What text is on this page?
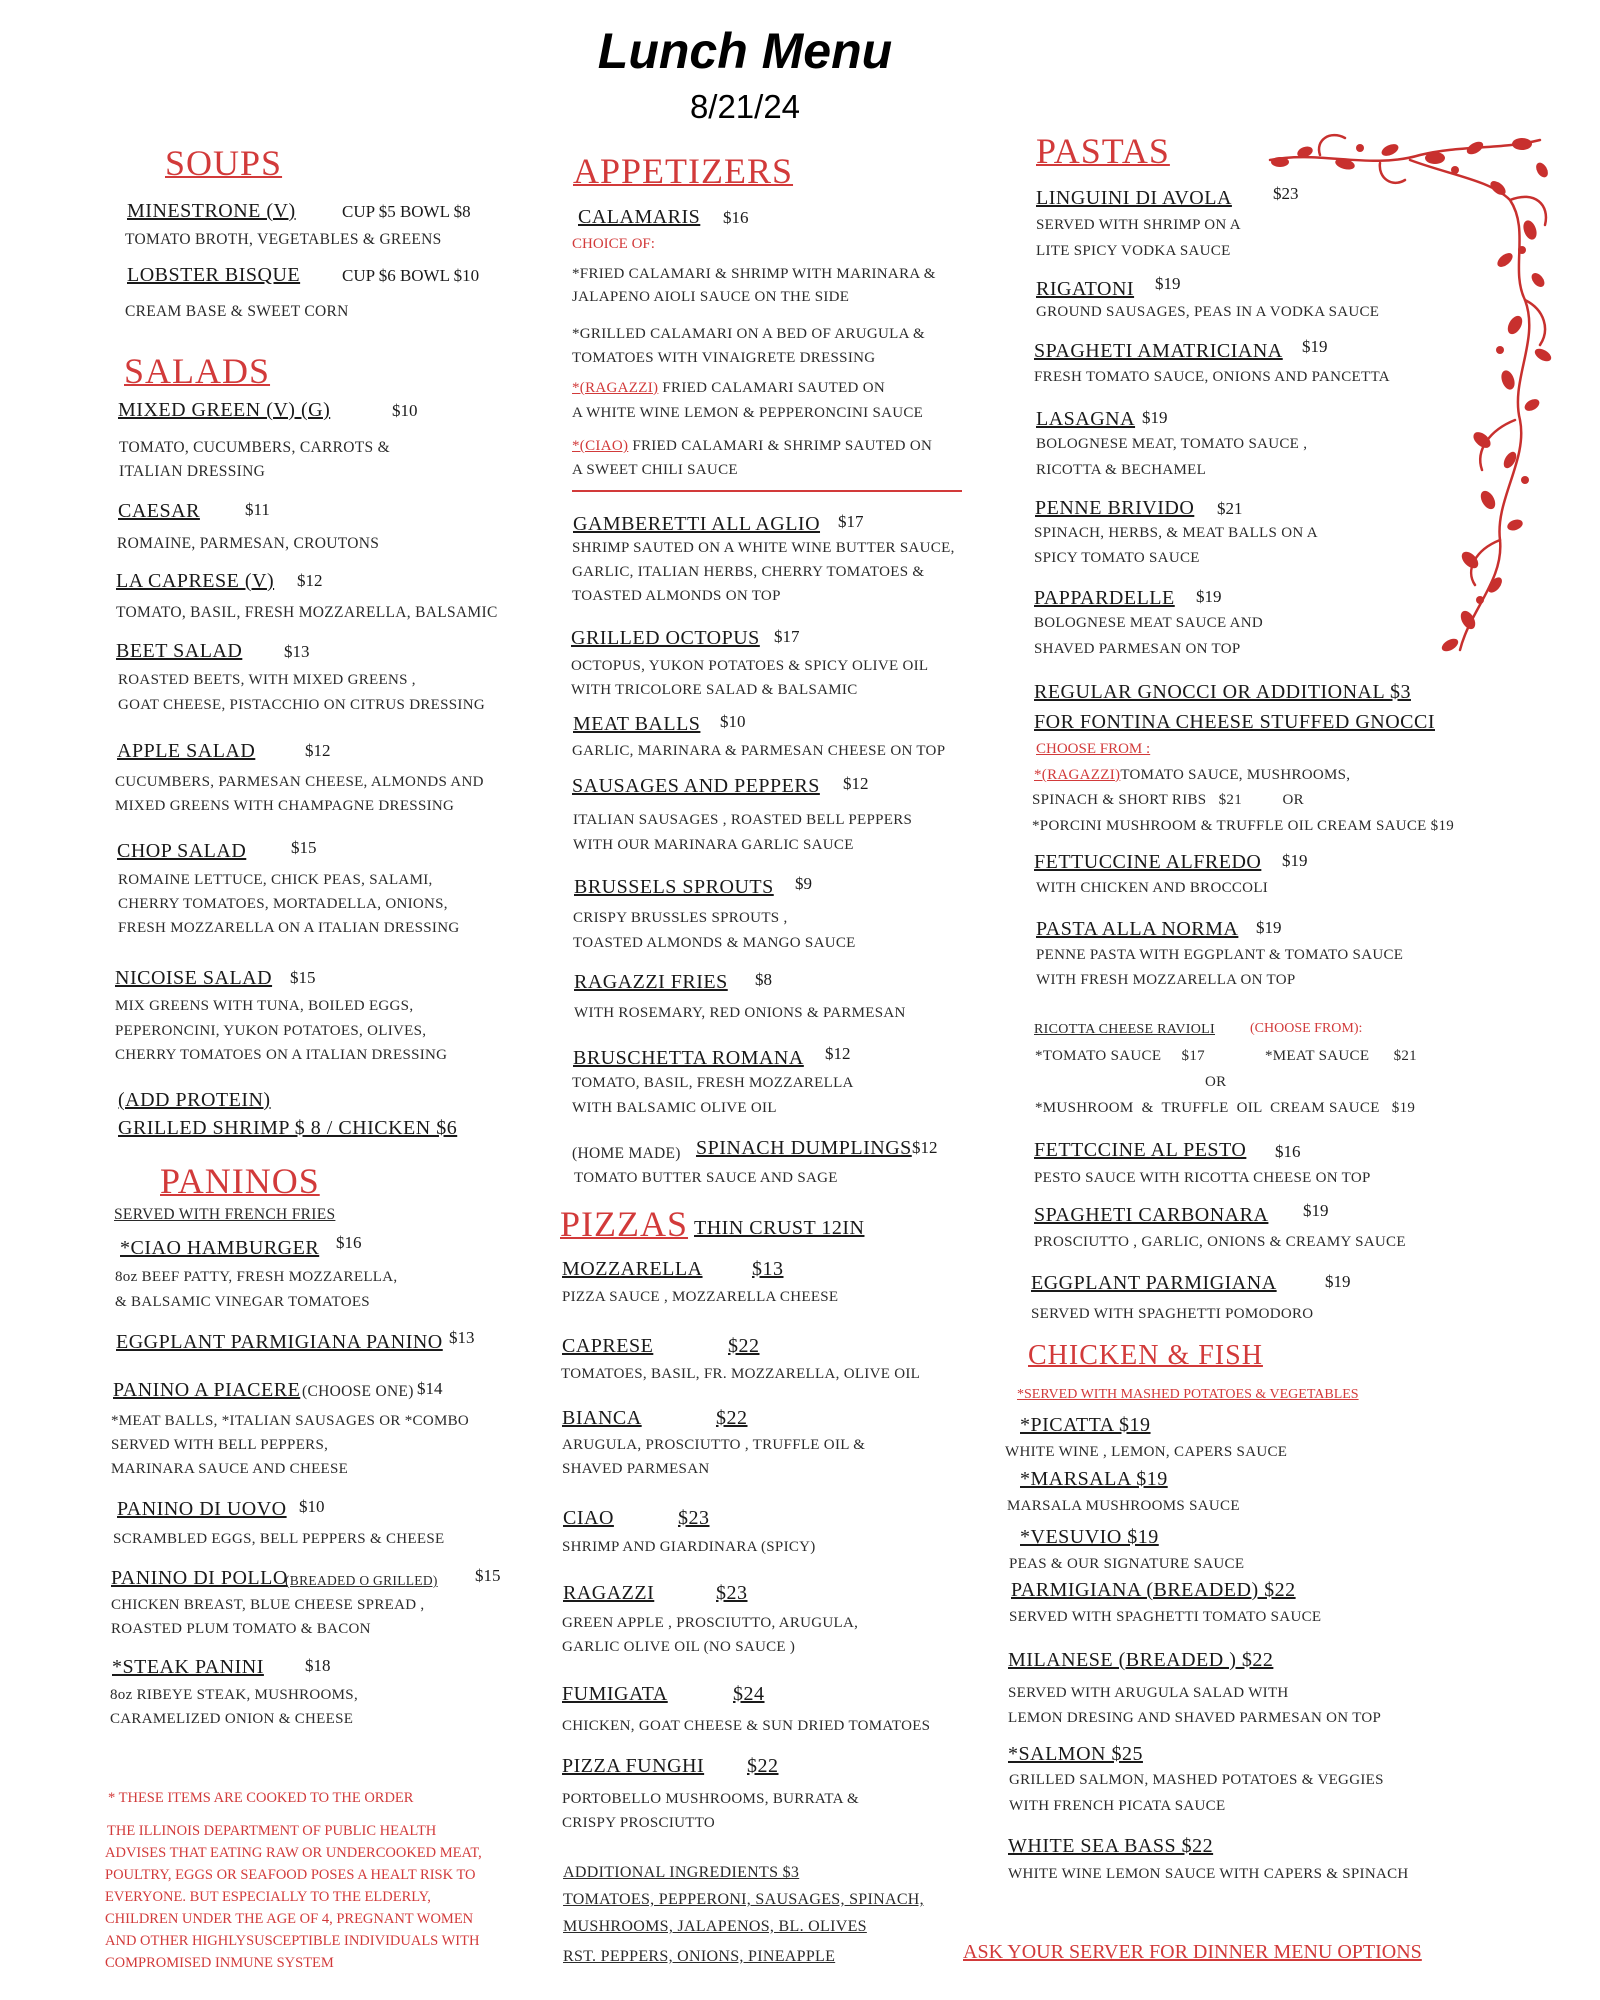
Lunch Menu
8/21/24
SOUPS
MINESTRONE (V)	CUP $5 BOWL $8
TOMATO BROTH, VEGETABLES & GREENS
LOBSTER BISQUE CUP $6 BOWL $10
CREAM BASE & SWEET CORN
SALADS
MIXED GREEN (V) (G)	$10
TOMATO, CUCUMBERS, CARROTS &
ITALIAN DRESSING
CAESAR	$11
ROMAINE, PARMESAN, CROUTONS
LA CAPRESE (V) $12
TOMATO, BASIL, FRESH MOZZARELLA, BALSAMIC
BEET SALAD $13
ROASTED BEETS, WITH MIXED GREENS ,
GOAT CHEESE, PISTACCHIO ON CITRUS DRESSING
APPLE SALAD	$12
CUCUMBERS, PARMESAN CHEESE, ALMONDS AND
MIXED GREENS WITH CHAMPAGNE DRESSING
CHOP SALAD	$15
ROMAINE LETTUCE, CHICK PEAS, SALAMI,
CHERRY TOMATOES, MORTADELLA, ONIONS,
FRESH MOZZARELLA ON A ITALIAN DRESSING
NICOISE SALAD $15
MIX GREENS WITH TUNA, BOILED EGGS,
PEPERONCINI, YUKON POTATOES, OLIVES,
CHERRY TOMATOES ON A ITALIAN DRESSING
(ADD PROTEIN)
GRILLED SHRIMP $ 8 / CHICKEN $6
PANINOS
SERVED WITH FRENCH FRIES
*CIAO HAMBURGER $16
8oz BEEF PATTY, FRESH MOZZARELLA,
& BALSAMIC VINEGAR TOMATOES
EGGPLANT PARMIGIANA PANINO $13
PANINO A PIACERE (CHOOSE ONE) $14
*MEAT BALLS, *ITALIAN SAUSAGES OR *COMBO
SERVED WITH BELL PEPPERS,
MARINARA SAUCE AND CHEESE
PANINO DI UOVO $10
SCRAMBLED EGGS, BELL PEPPERS & CHEESE
PANINO DI POLLO
(BREADED O GRILLED) $15
CHICKEN BREAST, BLUE CHEESE SPREAD ,
ROASTED PLUM TOMATO & BACON
*STEAK PANINI $18
8oz RIBEYE STEAK, MUSHROOMS,
CARAMELIZED ONION & CHEESE
* THESE ITEMS ARE COOKED TO THE ORDER
THE ILLINOIS DEPARTMENT OF PUBLIC HEALTH
ADVISES THAT EATING RAW OR UNDERCOOKED MEAT,
POULTRY, EGGS OR SEAFOOD POSES A HEALT RISK TO
EVERYONE. BUT ESPECIALLY TO THE ELDERLY,
CHILDREN UNDER THE AGE OF 4, PREGNANT WOMEN
AND OTHER HIGHLYSUSCEPTIBLE INDIVIDUALS WITH
COMPROMISED INMUNE SYSTEM
APPETIZERS
CALAMARIS $16
CHOICE OF:
*FRIED CALAMARI & SHRIMP WITH MARINARA &
JALAPENO AIOLI SAUCE ON THE SIDE
*GRILLED CALAMARI ON A BED OF ARUGULA &
TOMATOES WITH VINAIGRETE DRESSING
*(RAGAZZI) FRIED CALAMARI SAUTED ON
A WHITE WINE LEMON & PEPPERONCINI SAUCE
*(CIAO) FRIED CALAMARI & SHRIMP SAUTED ON
A SWEET CHILI SAUCE
GAMBERETTI ALL AGLIO $17
SHRIMP SAUTED ON A WHITE WINE BUTTER SAUCE,
GARLIC, ITALIAN HERBS, CHERRY TOMATOES &
TOASTED ALMONDS ON TOP
GRILLED OCTOPUS $17
OCTOPUS, YUKON POTATOES & SPICY OLIVE OIL
WITH TRICOLORE SALAD & BALSAMIC
MEAT BALLS $10
GARLIC, MARINARA & PARMESAN CHEESE ON TOP
SAUSAGES AND PEPPERS $12
ITALIAN SAUSAGES , ROASTED BELL PEPPERS
WITH OUR MARINARA GARLIC SAUCE
BRUSSELS SPROUTS $9
CRISPY BRUSSLES SPROUTS ,
TOASTED ALMONDS & MANGO SAUCE
RAGAZZI FRIES $8
WITH ROSEMARY, RED ONIONS & PARMESAN
BRUSCHETTA ROMANA $12
TOMATO, BASIL, FRESH MOZZARELLA
WITH BALSAMIC OLIVE OIL
(HOME MADE) SPINACH DUMPLINGS $12
TOMATO BUTTER SAUCE AND SAGE
PIZZAS THIN CRUST 12IN
MOZZARELLA $13
PIZZA SAUCE , MOZZARELLA CHEESE
CAPRESE	$22
TOMATOES, BASIL, FR. MOZZARELLA, OLIVE OIL
BIANCA	$22
ARUGULA, PROSCIUTTO , TRUFFLE OIL &
SHAVED PARMESAN
CIAO	$23
SHRIMP AND GIARDINARA (SPICY)
RAGAZZI	$23
GREEN APPLE , PROSCIUTTO, ARUGULA,
GARLIC OLIVE OIL (NO SAUCE )
FUMIGATA	$24
CHICKEN, GOAT CHEESE & SUN DRIED TOMATOES
PIZZA FUNGHI $22
PORTOBELLO MUSHROOMS, BURRATA &
CRISPY PROSCIUTTO
ADDITIONAL INGREDIENTS $3
TOMATOES, PEPPERONI, SAUSAGES, SPINACH,
MUSHROOMS, JALAPENOS, BL. OLIVES
RST. PEPPERS, ONIONS, PINEAPPLE
PASTAS
LINGUINI DI AVOLA $23
SERVED WITH SHRIMP ON A
LITE SPICY VODKA SAUCE
RIGATONI $19
GROUND SAUSAGES, PEAS IN A VODKA SAUCE
SPAGHETI AMATRICIANA $19
FRESH TOMATO SAUCE, ONIONS AND PANCETTA
LASAGNA $19
BOLOGNESE MEAT, TOMATO SAUCE ,
RICOTTA & BECHAMEL
PENNE BRIVIDO $21
SPINACH, HERBS, & MEAT BALLS ON A
SPICY TOMATO SAUCE
PAPPARDELLE $19
BOLOGNESE MEAT SAUCE AND
SHAVED PARMESAN ON TOP
REGULAR GNOCCI OR ADDITIONAL $3
FOR FONTINA CHEESE STUFFED GNOCCI
CHOOSE FROM :
*(RAGAZZI)TOMATO SAUCE, MUSHROOMS,
SPINACH & SHORT RIBS   $21          OR
*PORCINI MUSHROOM & TRUFFLE OIL CREAM SAUCE $19
FETTUCCINE ALFREDO $19
WITH CHICKEN AND BROCCOLI
PASTA ALLA NORMA $19
PENNE PASTA WITH EGGPLANT & TOMATO SAUCE
WITH FRESH MOZZARELLA ON TOP
RICOTTA CHEESE RAVIOLI	(CHOOSE FROM):
*TOMATO SAUCE     $17	*MEAT SAUCE      $21
OR
*MUSHROOM  &  TRUFFLE  OIL  CREAM SAUCE   $19
FETTCCINE AL PESTO $16
PESTO SAUCE WITH RICOTTA CHEESE ON TOP
SPAGHETI CARBONARA $19
PROSCIUTTO , GARLIC, ONIONS & CREAMY SAUCE
EGGPLANT PARMIGIANA	$19
SERVED WITH SPAGHETTI POMODORO
CHICKEN & FISH
*SERVED WITH MASHED POTATOES & VEGETABLES
*PICATTA $19
WHITE WINE , LEMON, CAPERS SAUCE
*MARSALA $19
MARSALA MUSHROOMS SAUCE
*VESUVIO $19
PEAS & OUR SIGNATURE SAUCE
PARMIGIANA (BREADED) $22
SERVED WITH SPAGHETTI TOMATO SAUCE
MILANESE (BREADED ) $22
SERVED WITH ARUGULA SALAD WITH
LEMON DRESING AND SHAVED PARMESAN ON TOP
*SALMON $25
GRILLED SALMON, MASHED POTATOES & VEGGIES
WITH FRENCH PICATA SAUCE
WHITE SEA BASS $22
WHITE WINE LEMON SAUCE WITH CAPERS & SPINACH
ASK YOUR SERVER FOR DINNER MENU OPTIONS
